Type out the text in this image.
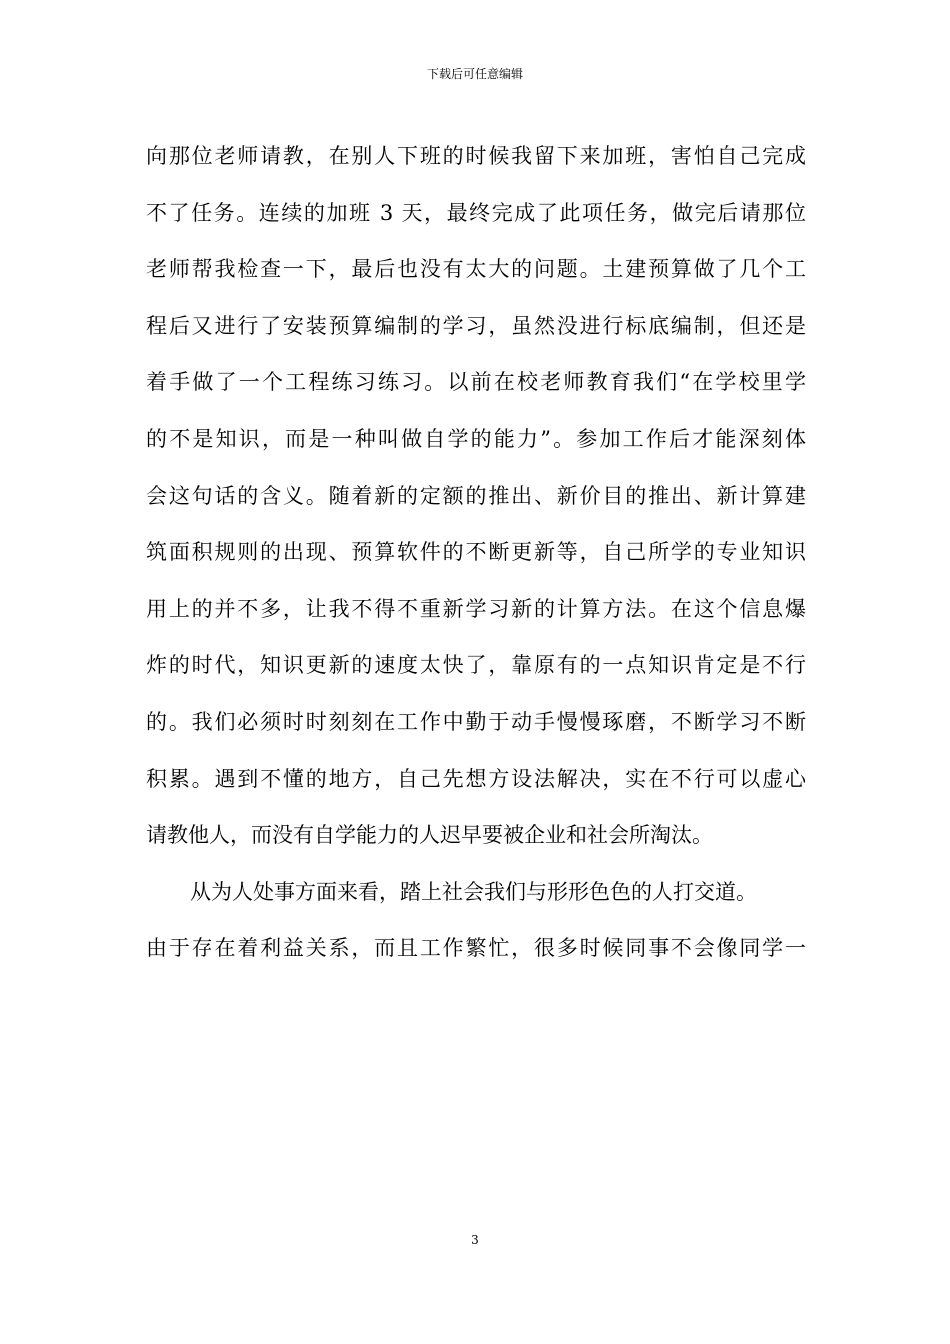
下载后可任意编辑
向那位老师请教，在别人下班的时候我留下来加班，害怕自己完成
不了任务。连续的加班 3 天，最终完成了此项任务，做完后请那位
老师帮我检查一下，最后也没有太大的问题。土建预算做了几个工
程后又进行了安装预算编制的学习，虽然没进行标底编制，但还是
着手做了一个工程练习练习。以前在校老师教育我们“在学校里学
的不是知识，而是一种叫做自学的能力”。参加工作后才能深刻体
会这句话的含义。随着新的定额的推出、新价目的推出、新计算建
筑面积规则的出现、预算软件的不断更新等，自己所学的专业知识
用上的并不多，让我不得不重新学习新的计算方法。在这个信息爆
炸的时代，知识更新的速度太快了，靠原有的一点知识肯定是不行
的。我们必须时时刻刻在工作中勤于动手慢慢琢磨，不断学习不断
积累。遇到不懂的地方，自己先想方设法解决，实在不行可以虚心
请教他人，而没有自学能力的人迟早要被企业和社会所淘汰。
从为人处事方面来看，踏上社会我们与形形色色的人打交道。
由于存在着利益关系，而且工作繁忙，很多时候同事不会像同学一
3
